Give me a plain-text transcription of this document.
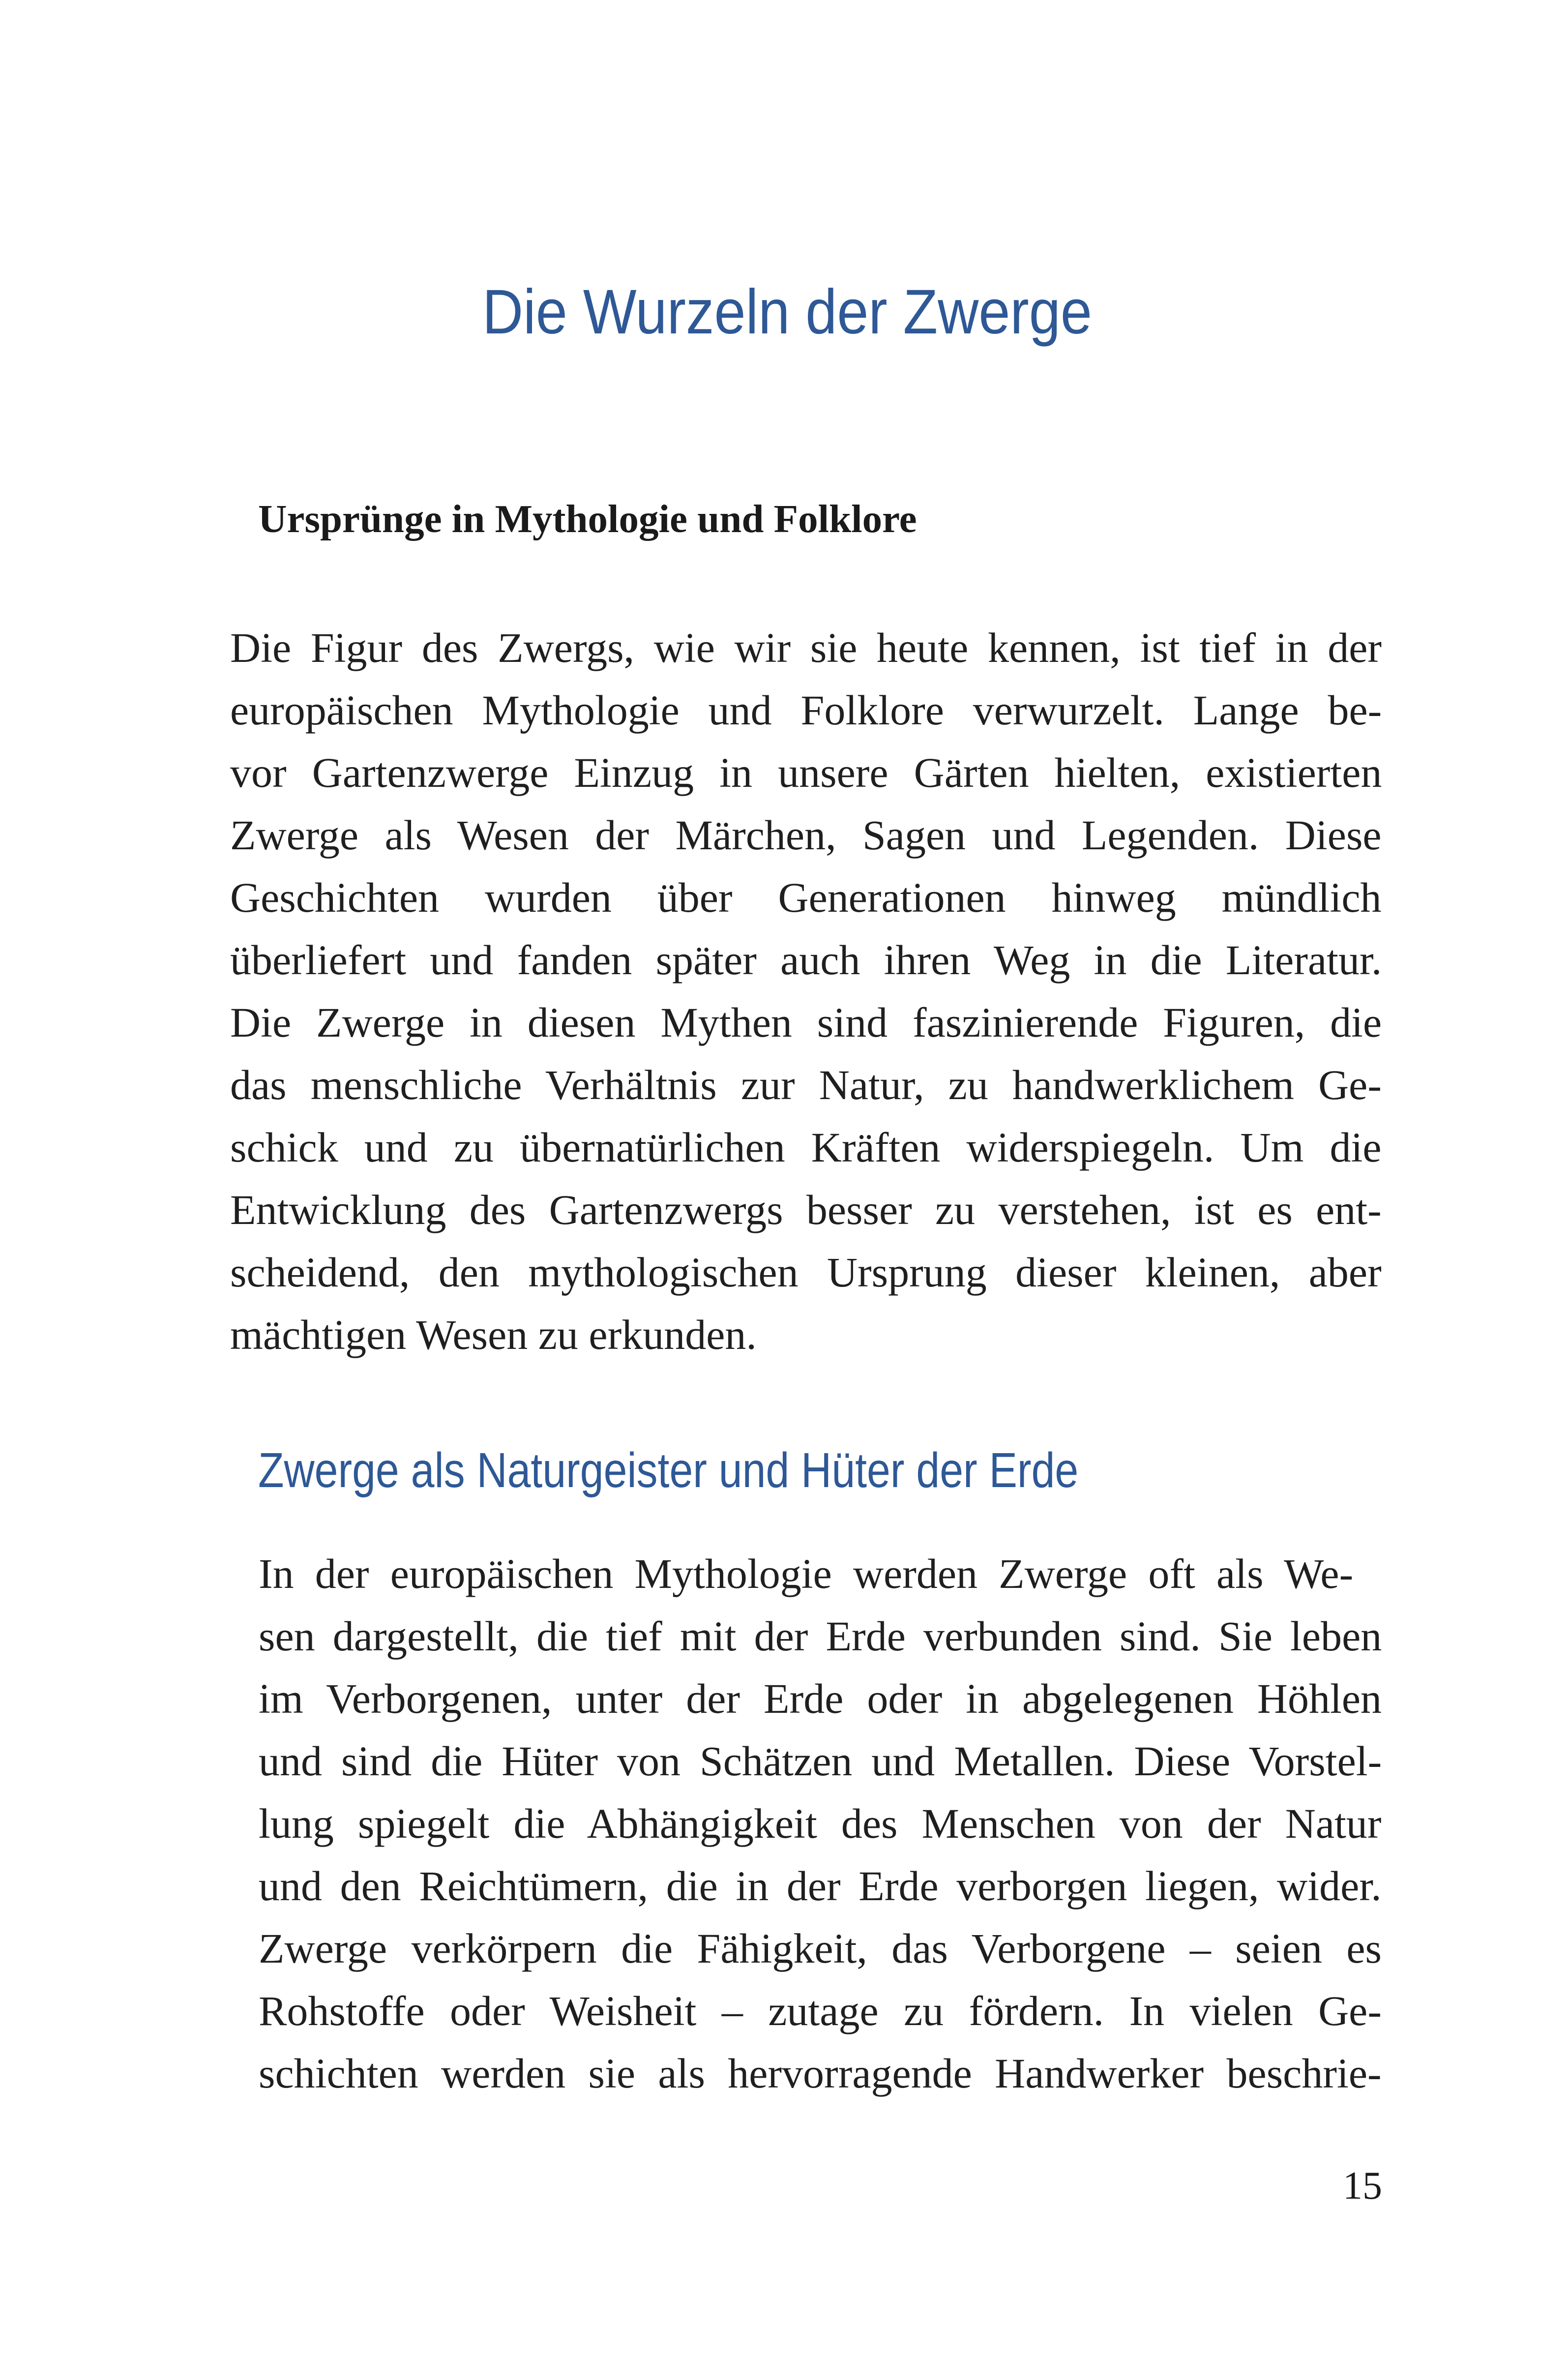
Die Wurzeln der Zwerge
Ursprünge in Mythologie und Folklore
Die Figur des Zwergs, wie wir sie heute kennen, ist tief in der
europäischen Mythologie und Folklore verwurzelt. Lange be-
vor Gartenzwerge Einzug in unsere Gärten hielten, existierten
Zwerge als Wesen der Märchen, Sagen und Legenden. Diese
Geschichten wurden über Generationen hinweg mündlich
überliefert und fanden später auch ihren Weg in die Literatur.
Die Zwerge in diesen Mythen sind faszinierende Figuren, die
das menschliche Verhältnis zur Natur, zu handwerklichem Ge-
schick und zu übernatürlichen Kräften widerspiegeln. Um die
Entwicklung des Gartenzwergs besser zu verstehen, ist es ent-
scheidend, den mythologischen Ursprung dieser kleinen, aber
mächtigen Wesen zu erkunden.
Zwerge als Naturgeister und Hüter der Erde
In der europäischen Mythologie werden Zwerge oft als We-
sen dargestellt, die tief mit der Erde verbunden sind. Sie leben
im Verborgenen, unter der Erde oder in abgelegenen Höhlen
und sind die Hüter von Schätzen und Metallen. Diese Vorstel-
lung spiegelt die Abhängigkeit des Menschen von der Natur
und den Reichtümern, die in der Erde verborgen liegen, wider.
Zwerge verkörpern die Fähigkeit, das Verborgene – seien es
Rohstoffe oder Weisheit – zutage zu fördern. In vielen Ge-
schichten werden sie als hervorragende Handwerker beschrie-
15
